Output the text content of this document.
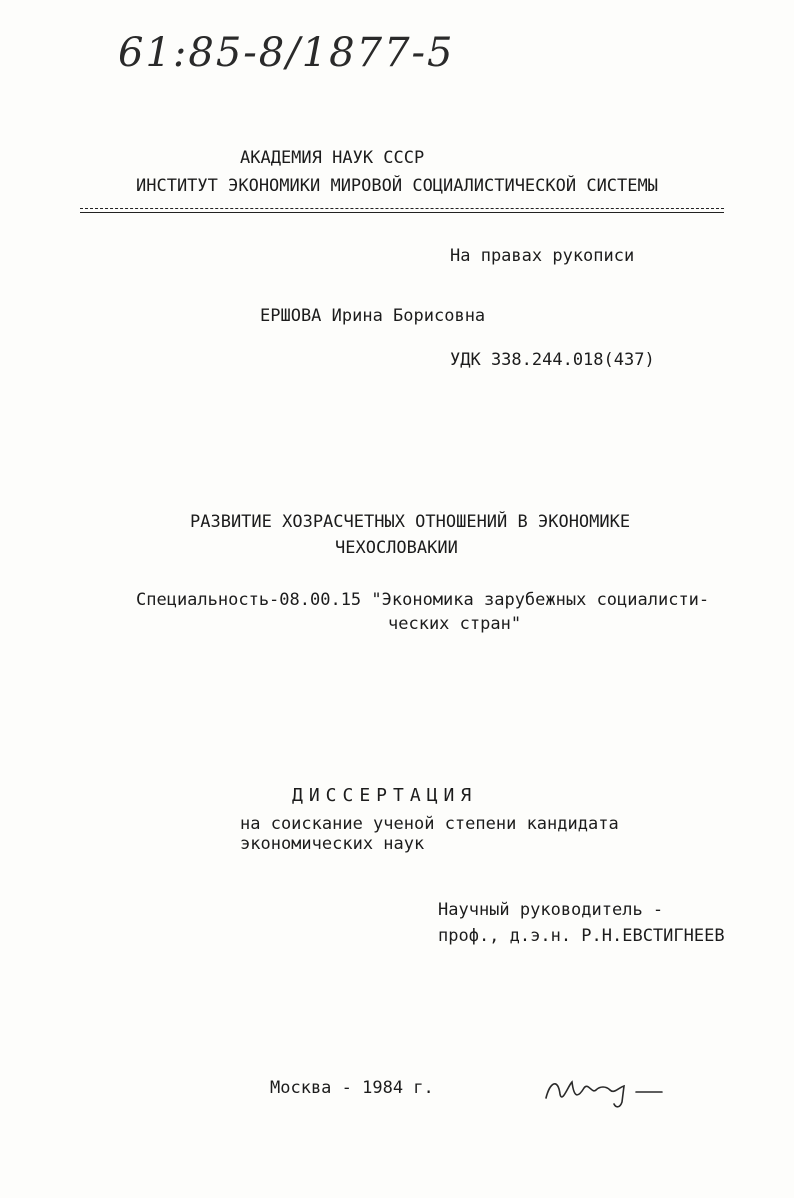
61:85-8/1877-5
АКАДЕМИЯ НАУК СССР
ИНСТИТУТ ЭКОНОМИКИ МИРОВОЙ СОЦИАЛИСТИЧЕСКОЙ СИСТЕМЫ
На правах рукописи
ЕРШОВА Ирина Борисовна
УДК 338.244.018(437)
РАЗВИТИЕ ХОЗРАСЧЕТНЫХ ОТНОШЕНИЙ В ЭКОНОМИКЕ
ЧЕХОСЛОВАКИИ
Специальность-08.00.15 "Экономика зарубежных социалисти-
ческих стран"
ДИССЕРТАЦИЯ
на соискание ученой степени кандидата
экономических наук
Научный руководитель -
проф., д.э.н. Р.Н.ЕВСТИГНЕЕВ
Москва - 1984 г.
